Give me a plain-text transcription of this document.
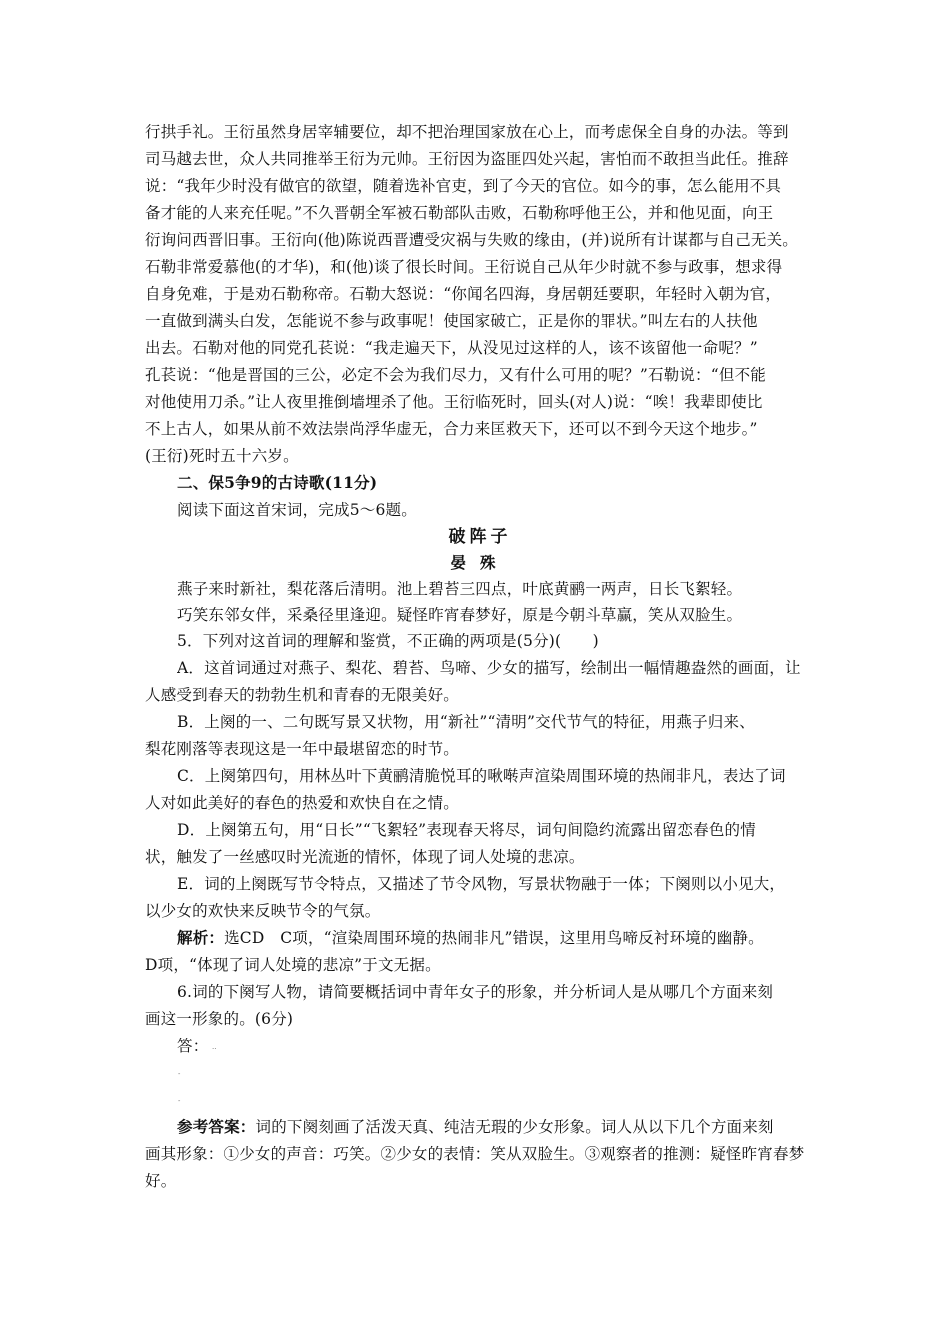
行拱手礼。王衍虽然身居宰辅要位，却不把治理国家放在心上，而考虑保全自身的办法。等到
司马越去世，众人共同推举王衍为元帅。王衍因为盗匪四处兴起，害怕而不敢担当此任。推辞
说：“我年少时没有做官的欲望，随着选补官吏，到了今天的官位。如今的事，怎么能用不具
备才能的人来充任呢。”不久晋朝全军被石勒部队击败，石勒称呼他王公，并和他见面，向王
衍询问西晋旧事。王衍向(他)陈说西晋遭受灾祸与失败的缘由，(并)说所有计谋都与自己无关。
石勒非常爱慕他(的才华)，和(他)谈了很长时间。王衍说自己从年少时就不参与政事，想求得
自身免难，于是劝石勒称帝。石勒大怒说：“你闻名四海，身居朝廷要职，年轻时入朝为官，
一直做到满头白发，怎能说不参与政事呢！使国家破亡，正是你的罪状。”叫左右的人扶他
出去。石勒对他的同党孔苌说：“我走遍天下，从没见过这样的人，该不该留他一命呢？”
孔苌说：“他是晋国的三公，必定不会为我们尽力，又有什么可用的呢？”石勒说：“但不能
对他使用刀杀。”让人夜里推倒墙埋杀了他。王衍临死时，回头(对人)说：“唉！我辈即使比
不上古人，如果从前不效法崇尚浮华虚无，合力来匡救天下，还可以不到今天这个地步。”
(王衍)死时五十六岁。
二、保5争9的古诗歌(11分)
阅读下面这首宋词，完成5～6题。
破阵子
晏殊
燕子来时新社，梨花落后清明。池上碧苔三四点，叶底黄鹂一两声，日长飞絮轻。
巧笑东邻女伴，采桑径里逢迎。疑怪昨宵春梦好，原是今朝斗草赢，笑从双脸生。
5．下列对这首词的理解和鉴赏，不正确的两项是(5分)(　　)
A．这首词通过对燕子、梨花、碧苔、鸟啼、少女的描写，绘制出一幅情趣盎然的画面，让
人感受到春天的勃勃生机和青春的无限美好。
B．上阕的一、二句既写景又状物，用“新社”“清明”交代节气的特征，用燕子归来、
梨花刚落等表现这是一年中最堪留恋的时节。
C．上阕第四句，用林丛叶下黄鹂清脆悦耳的啾啭声渲染周围环境的热闹非凡，表达了词
人对如此美好的春色的热爱和欢快自在之情。
D．上阕第五句，用“日长”“飞絮轻”表现春天将尽，词句间隐约流露出留恋春色的情
状，触发了一丝感叹时光流逝的情怀，体现了词人处境的悲凉。
E．词的上阕既写节令特点，又描述了节令风物，写景状物融于一体；下阕则以小见大，
以少女的欢快来反映节令的气氛。
解析：选CD　C项，“渲染周围环境的热闹非凡”错误，这里用鸟啼反衬环境的幽静。
D项，“体现了词人处境的悲凉”于文无据。
6.词的下阕写人物，请简要概括词中青年女子的形象，并分析词人是从哪几个方面来刻
画这一形象的。(6分)
答： ..
-
-
参考答案：词的下阕刻画了活泼天真、纯洁无瑕的少女形象。词人从以下几个方面来刻
画其形象：①少女的声音：巧笑。②少女的表情：笑从双脸生。③观察者的推测：疑怪昨宵春梦
好。
